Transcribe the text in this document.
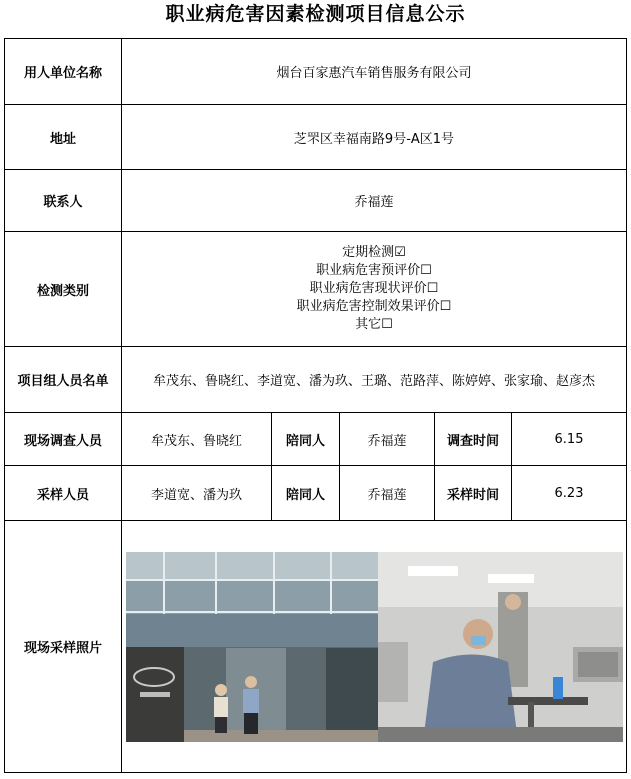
职业病危害因素检测项目信息公示
用人单位名称	烟台百家惠汽车销售服务有限公司				
地址	芝罘区幸福南路9号-A区1号				
联系人	乔福莲				
检测类别	定期检测☑
职业病危害预评价☐
职业病危害现状评价☐
职业病危害控制效果评价☐
其它☐				

项目组人员名单	牟茂东、鲁晓红、李道宽、潘为玖、王璐、范路萍、陈婷婷、张家瑜、赵彦杰				
现场调查人员	牟茂东、鲁晓红	陪同人	乔福莲	调查时间	6.15
采样人员	李道宽、潘为玖	陪同人	乔福莲	采样时间	6.23
现场采样照片	
